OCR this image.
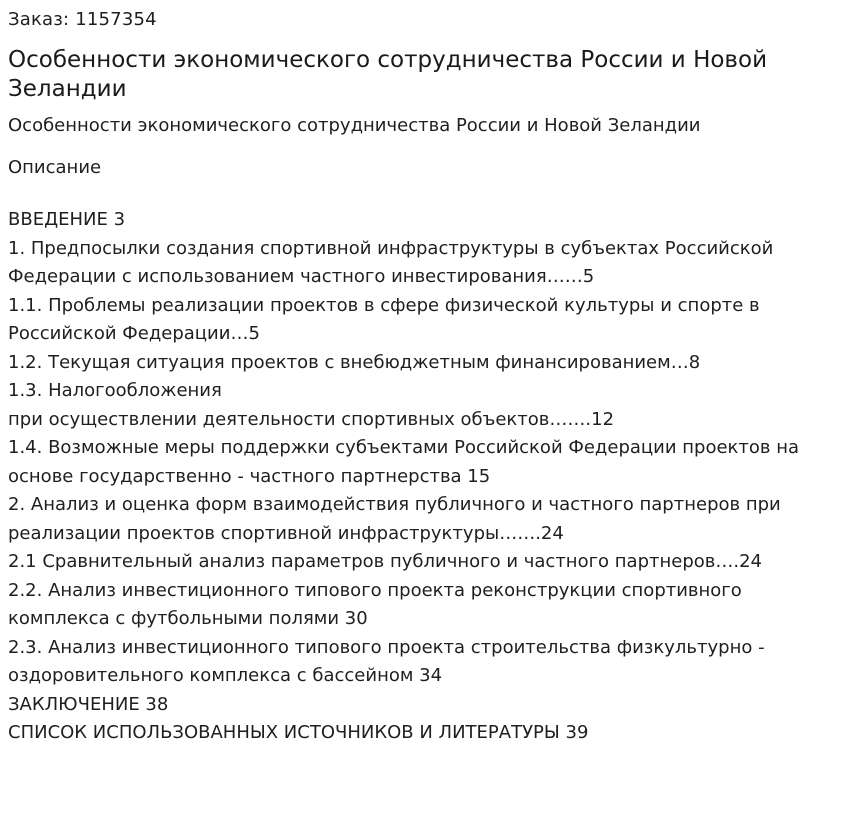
Заказ: 1157354
Особенности экономического сотрудничества России и Новой Зеландии
Особенности экономического сотрудничества России и Новой Зеландии
Описание
ВВЕДЕНИЕ 3
1. Предпосылки создания спортивной инфраструктуры в субъектах Российской Федерации с использованием частного инвестирования……5
1.1. Проблемы реализации проектов в сфере физической культуры и спорте в Российской Федерации…5
1.2. Текущая ситуация проектов с внебюджетным финансированием…8
1.3. Налогообложения
при осуществлении деятельности спортивных объектов…….12
1.4. Возможные меры поддержки субъектами Российской Федерации проектов на основе государственно - частного партнерства 15
2. Анализ и оценка форм взаимодействия публичного и частного партнеров при реализации проектов спортивной инфраструктуры…….24
2.1 Сравнительный анализ параметров публичного и частного партнеров….24
2.2. Анализ инвестиционного типового проекта реконструкции спортивного комплекса с футбольными полями 30
2.3. Анализ инвестиционного типового проекта строительства физкультурно - оздоровительного комплекса с бассейном 34
ЗАКЛЮЧЕНИЕ 38
СПИСОК ИСПОЛЬЗОВАННЫХ ИСТОЧНИКОВ И ЛИТЕРАТУРЫ 39
